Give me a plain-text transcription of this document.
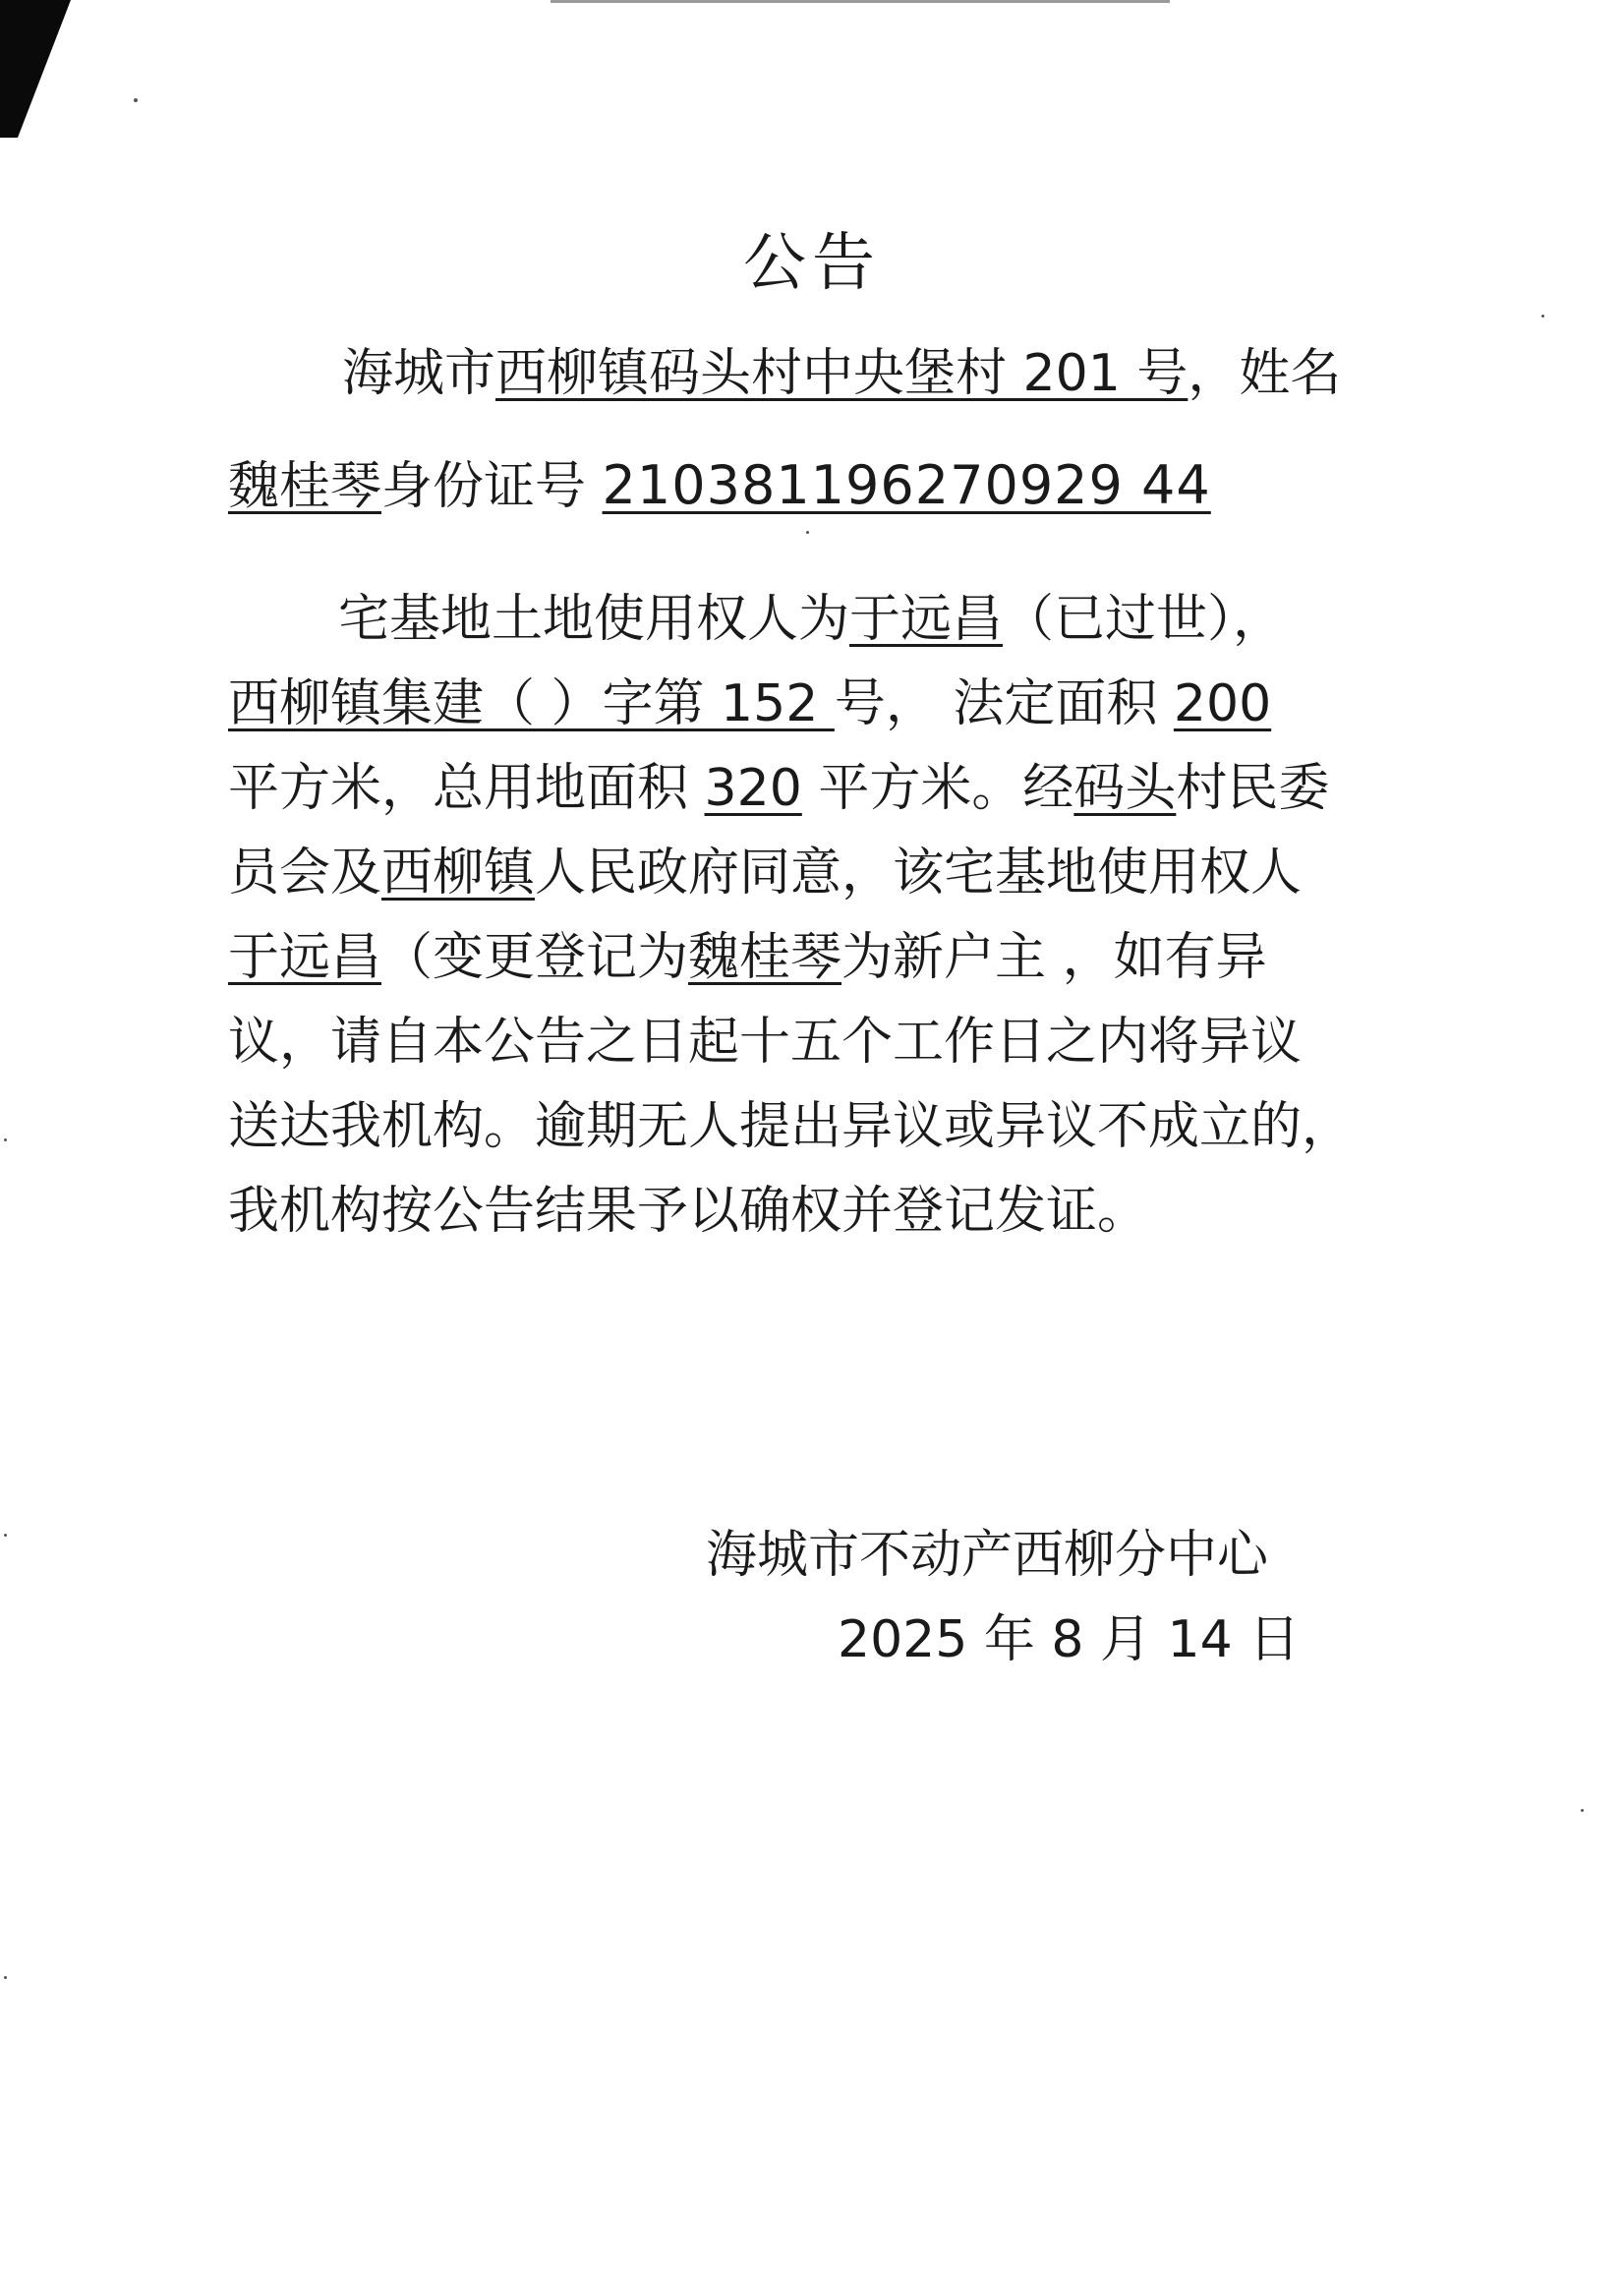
公告
海城市西柳镇码头村中央堡村 201 号，姓名
魏桂琴身份证号 210381196270929 44
宅基地土地使用权人为于远昌（已过世），
西柳镇集建（ ）字第 152 号， 法定面积 200
平方米，总用地面积 320 平方米。经码头村民委
员会及西柳镇人民政府同意，该宅基地使用权人
于远昌（变更登记为魏桂琴为新户主 ，如有异
议，请自本公告之日起十五个工作日之内将异议
送达我机构。逾期无人提出异议或异议不成立的，
我机构按公告结果予以确权并登记发证。
海城市不动产西柳分中心
2025 年 8 月 14 日
